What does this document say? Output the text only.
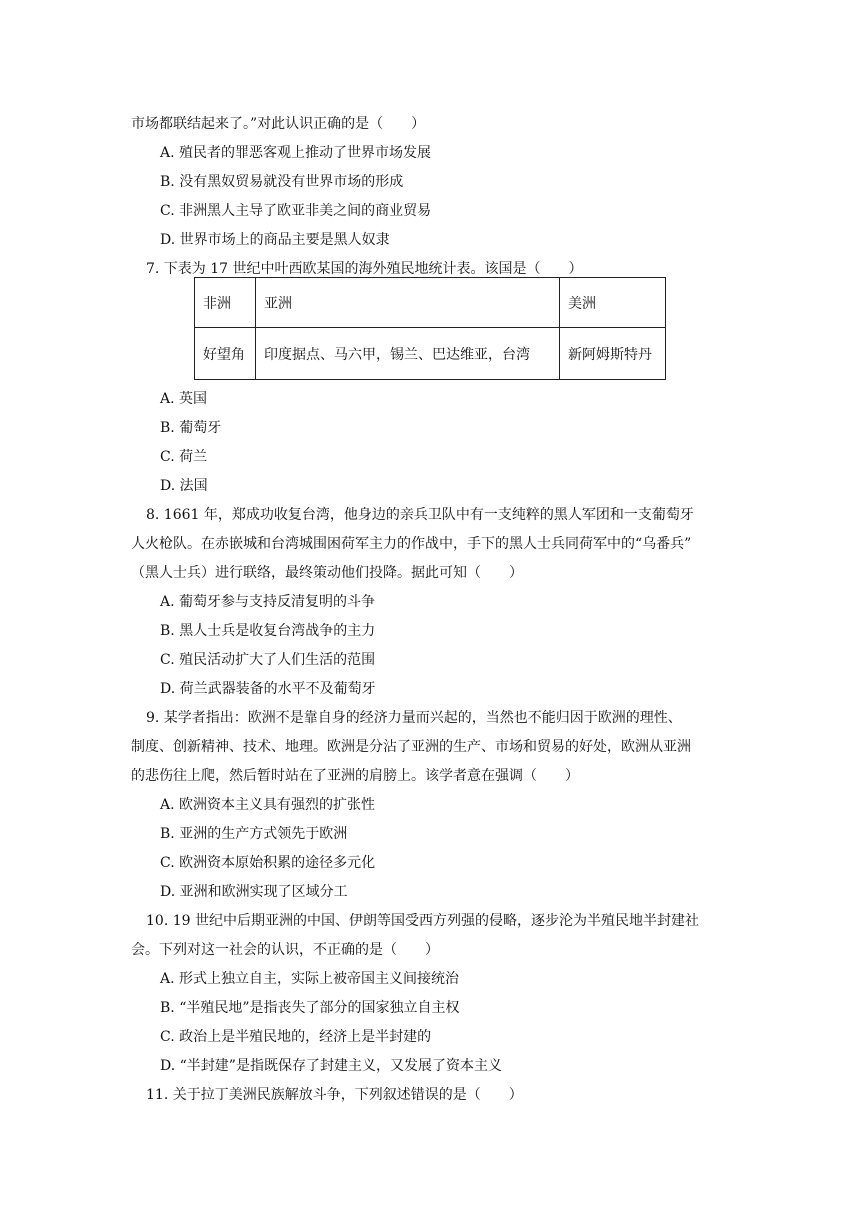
市场都联结起来了。”对此认识正确的是（　　）
A. 殖民者的罪恶客观上推动了世界市场发展
B. 没有黑奴贸易就没有世界市场的形成
C. 非洲黑人主导了欧亚非美之间的商业贸易
D. 世界市场上的商品主要是黑人奴隶
7. 下表为 17 世纪中叶西欧某国的海外殖民地统计表。该国是（　　）
非洲	亚洲	美洲
好望角	印度据点、马六甲，锡兰、巴达维亚，台湾	新阿姆斯特丹
A. 英国
B. 葡萄牙
C. 荷兰
D. 法国
8. 1661 年，郑成功收复台湾，他身边的亲兵卫队中有一支纯粹的黑人军团和一支葡萄牙
人火枪队。在赤嵌城和台湾城围困荷军主力的作战中，手下的黑人士兵同荷军中的“乌番兵”
（黑人士兵）进行联络，最终策动他们投降。据此可知（　　）
A. 葡萄牙参与支持反清复明的斗争
B. 黑人士兵是收复台湾战争的主力
C. 殖民活动扩大了人们生活的范围
D. 荷兰武器装备的水平不及葡萄牙
9. 某学者指出：欧洲不是靠自身的经济力量而兴起的，当然也不能归因于欧洲的理性、
制度、创新精神、技术、地理。欧洲是分沾了亚洲的生产、市场和贸易的好处，欧洲从亚洲
的悲伤往上爬，然后暂时站在了亚洲的肩膀上。该学者意在强调（　　）
A. 欧洲资本主义具有强烈的扩张性
B. 亚洲的生产方式领先于欧洲
C. 欧洲资本原始积累的途径多元化
D. 亚洲和欧洲实现了区域分工
10. 19 世纪中后期亚洲的中国、伊朗等国受西方列强的侵略，逐步沦为半殖民地半封建社
会。下列对这一社会的认识，不正确的是（　　）
A. 形式上独立自主，实际上被帝国主义间接统治
B. “半殖民地”是指丧失了部分的国家独立自主权
C. 政治上是半殖民地的，经济上是半封建的
D. “半封建”是指既保存了封建主义，又发展了资本主义
11. 关于拉丁美洲民族解放斗争，下列叙述错误的是（　　）
